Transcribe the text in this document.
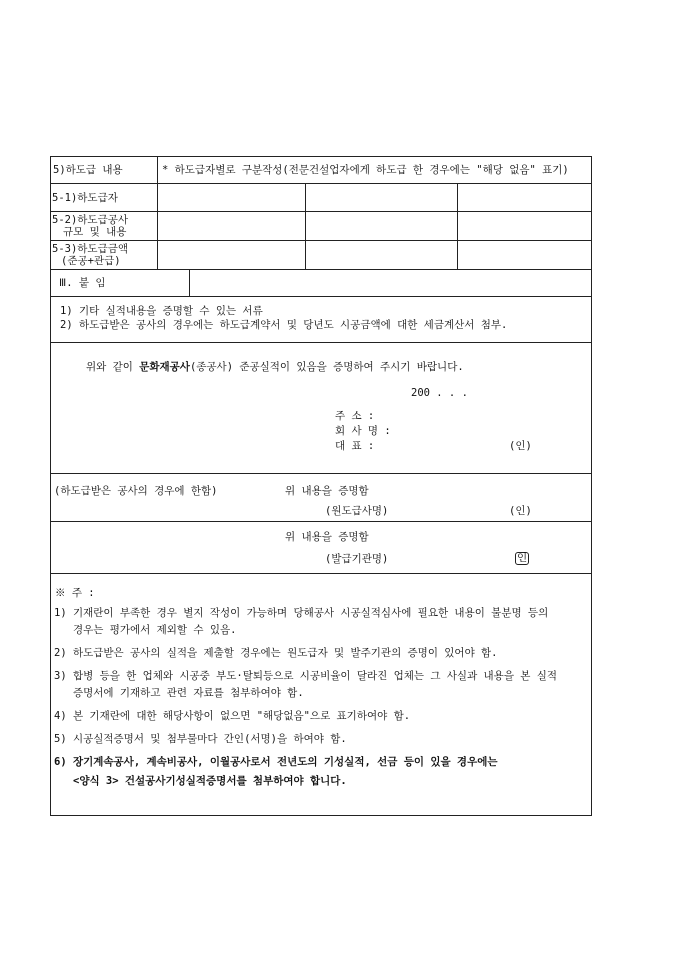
5)하도급 내용	* 하도급자별로 구분작성(전문건설업자에게 하도급 한 경우에는 "해당 없음" 표기)
5-1)하도급자
5-2)하도급공사
규모 및 내용
5-3)하도급금액
(준공+관급)
Ⅲ. 붙 임
1) 기타 실적내용을 증명할 수 있는 서류
2) 하도급받은 공사의 경우에는 하도급계약서 및 당년도 시공금액에 대한 세금계산서 첨부.
위와 같이 문화재공사(종공사) 준공실적이 있음을 증명하여 주시기 바랍니다.
200 . . .
주 소 :
회 사 명 :
대 표 :	(인)
(하도급받은 공사의 경우에 한함)	위 내용을 증명함
(원도급사명)	(인)
위 내용을 증명함
(발급기관명)	인
※ 주 :
1) 기재란이 부족한 경우 별지 작성이 가능하며 당해공사 시공실적심사에 필요한 내용이 불분명 등의
경우는 평가에서 제외할 수 있음.
2) 하도급받은 공사의 실적을 제출할 경우에는 원도급자 및 발주기관의 증명이 있어야 함.
3) 합병 등을 한 업체와 시공중 부도·탈퇴등으로 시공비율이 달라진 업체는 그 사실과 내용을 본 실적
증명서에 기재하고 관련 자료를 첨부하여야 함.
4) 본 기재란에 대한 해당사항이 없으면 "해당없음"으로 표기하여야 함.
5) 시공실적증명서 및 첨부물마다 간인(서명)을 하여야 함.
6) 장기계속공사, 계속비공사, 이월공사로서 전년도의 기성실적, 선금 등이 있을 경우에는
<양식 3> 건설공사기성실적증명서를 첨부하여야 합니다.
